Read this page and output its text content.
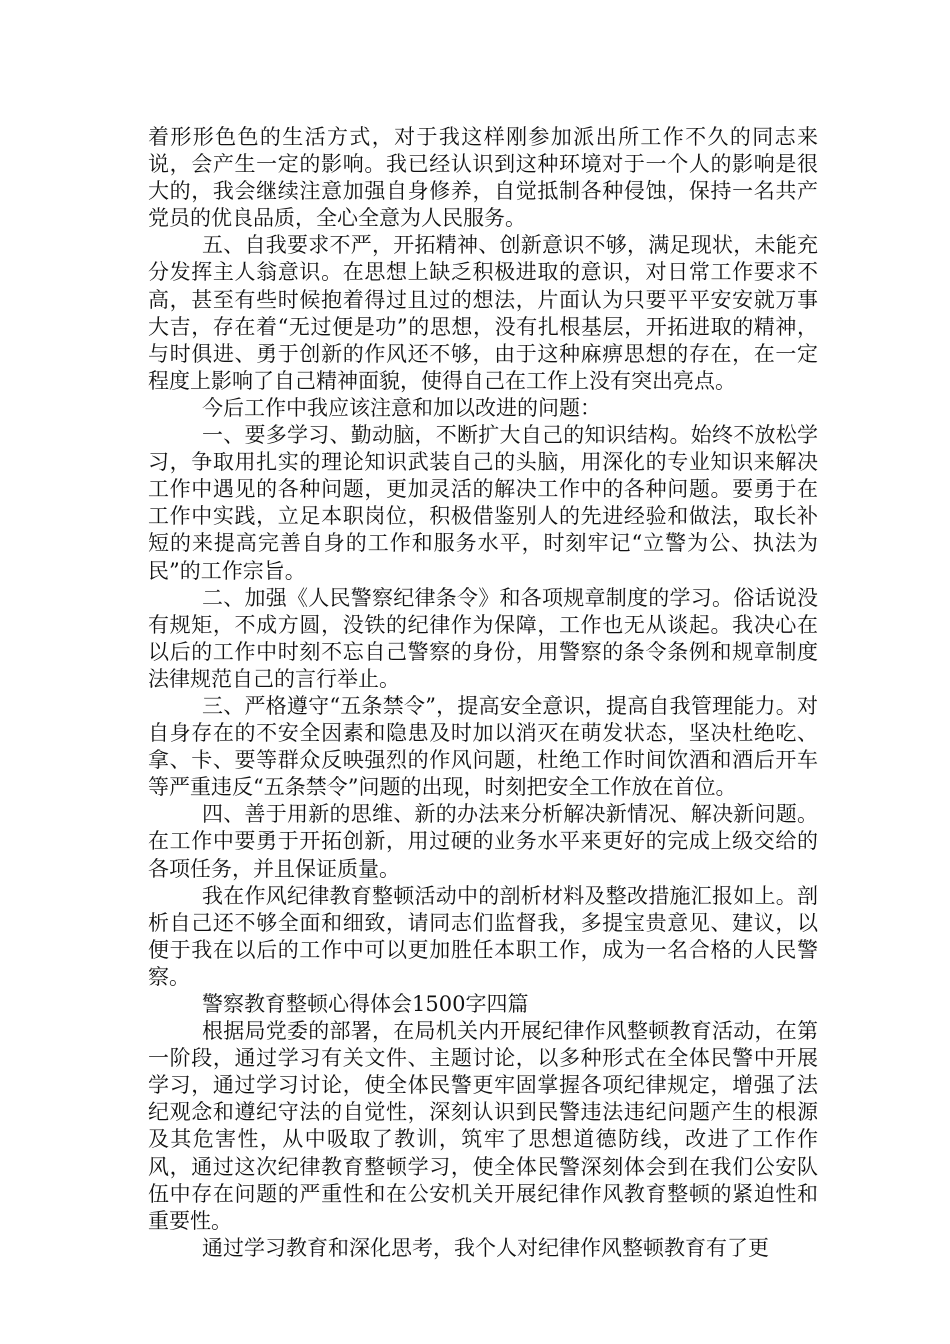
着形形色色的生活方式，对于我这样刚参加派出所工作不久的同志来说，会产生一定的影响。我已经认识到这种环境对于一个人的影响是很大的，我会继续注意加强自身修养，自觉抵制各种侵蚀，保持一名共产党员的优良品质，全心全意为人民服务。

五、自我要求不严，开拓精神、创新意识不够，满足现状，未能充分发挥主人翁意识。在思想上缺乏积极进取的意识，对日常工作要求不高，甚至有些时候抱着得过且过的想法，片面认为只要平平安安就万事大吉，存在着“无过便是功”的思想，没有扎根基层，开拓进取的精神，与时俱进、勇于创新的作风还不够，由于这种麻痹思想的存在，在一定程度上影响了自己精神面貌，使得自己在工作上没有突出亮点。

今后工作中我应该注意和加以改进的问题：

一、要多学习、勤动脑，不断扩大自己的知识结构。始终不放松学习，争取用扎实的理论知识武装自己的头脑，用深化的专业知识来解决工作中遇见的各种问题，更加灵活的解决工作中的各种问题。要勇于在工作中实践，立足本职岗位，积极借鉴别人的先进经验和做法，取长补短的来提高完善自身的工作和服务水平，时刻牢记“立警为公、执法为民”的工作宗旨。

二、加强《人民警察纪律条令》和各项规章制度的学习。俗话说没有规矩，不成方圆，没铁的纪律作为保障，工作也无从谈起。我决心在以后的工作中时刻不忘自己警察的身份，用警察的条令条例和规章制度法律规范自己的言行举止。

三、严格遵守“五条禁令”，提高安全意识，提高自我管理能力。对自身存在的不安全因素和隐患及时加以消灭在萌发状态，坚决杜绝吃、拿、卡、要等群众反映强烈的作风问题，杜绝工作时间饮酒和酒后开车等严重违反“五条禁令”问题的出现，时刻把安全工作放在首位。

四、善于用新的思维、新的办法来分析解决新情况、解决新问题。在工作中要勇于开拓创新，用过硬的业务水平来更好的完成上级交给的各项任务，并且保证质量。

我在作风纪律教育整顿活动中的剖析材料及整改措施汇报如上。剖析自己还不够全面和细致，请同志们监督我，多提宝贵意见、建议，以便于我在以后的工作中可以更加胜任本职工作，成为一名合格的人民警察。

警察教育整顿心得体会1500字四篇

根据局党委的部署，在局机关内开展纪律作风整顿教育活动，在第一阶段，通过学习有关文件、主题讨论，以多种形式在全体民警中开展学习，通过学习讨论，使全体民警更牢固掌握各项纪律规定，增强了法纪观念和遵纪守法的自觉性，深刻认识到民警违法违纪问题产生的根源及其危害性，从中吸取了教训，筑牢了思想道德防线，改进了工作作风，通过这次纪律教育整顿学习，使全体民警深刻体会到在我们公安队伍中存在问题的严重性和在公安机关开展纪律作风教育整顿的紧迫性和重要性。

通过学习教育和深化思考，我个人对纪律作风整顿教育有了更
